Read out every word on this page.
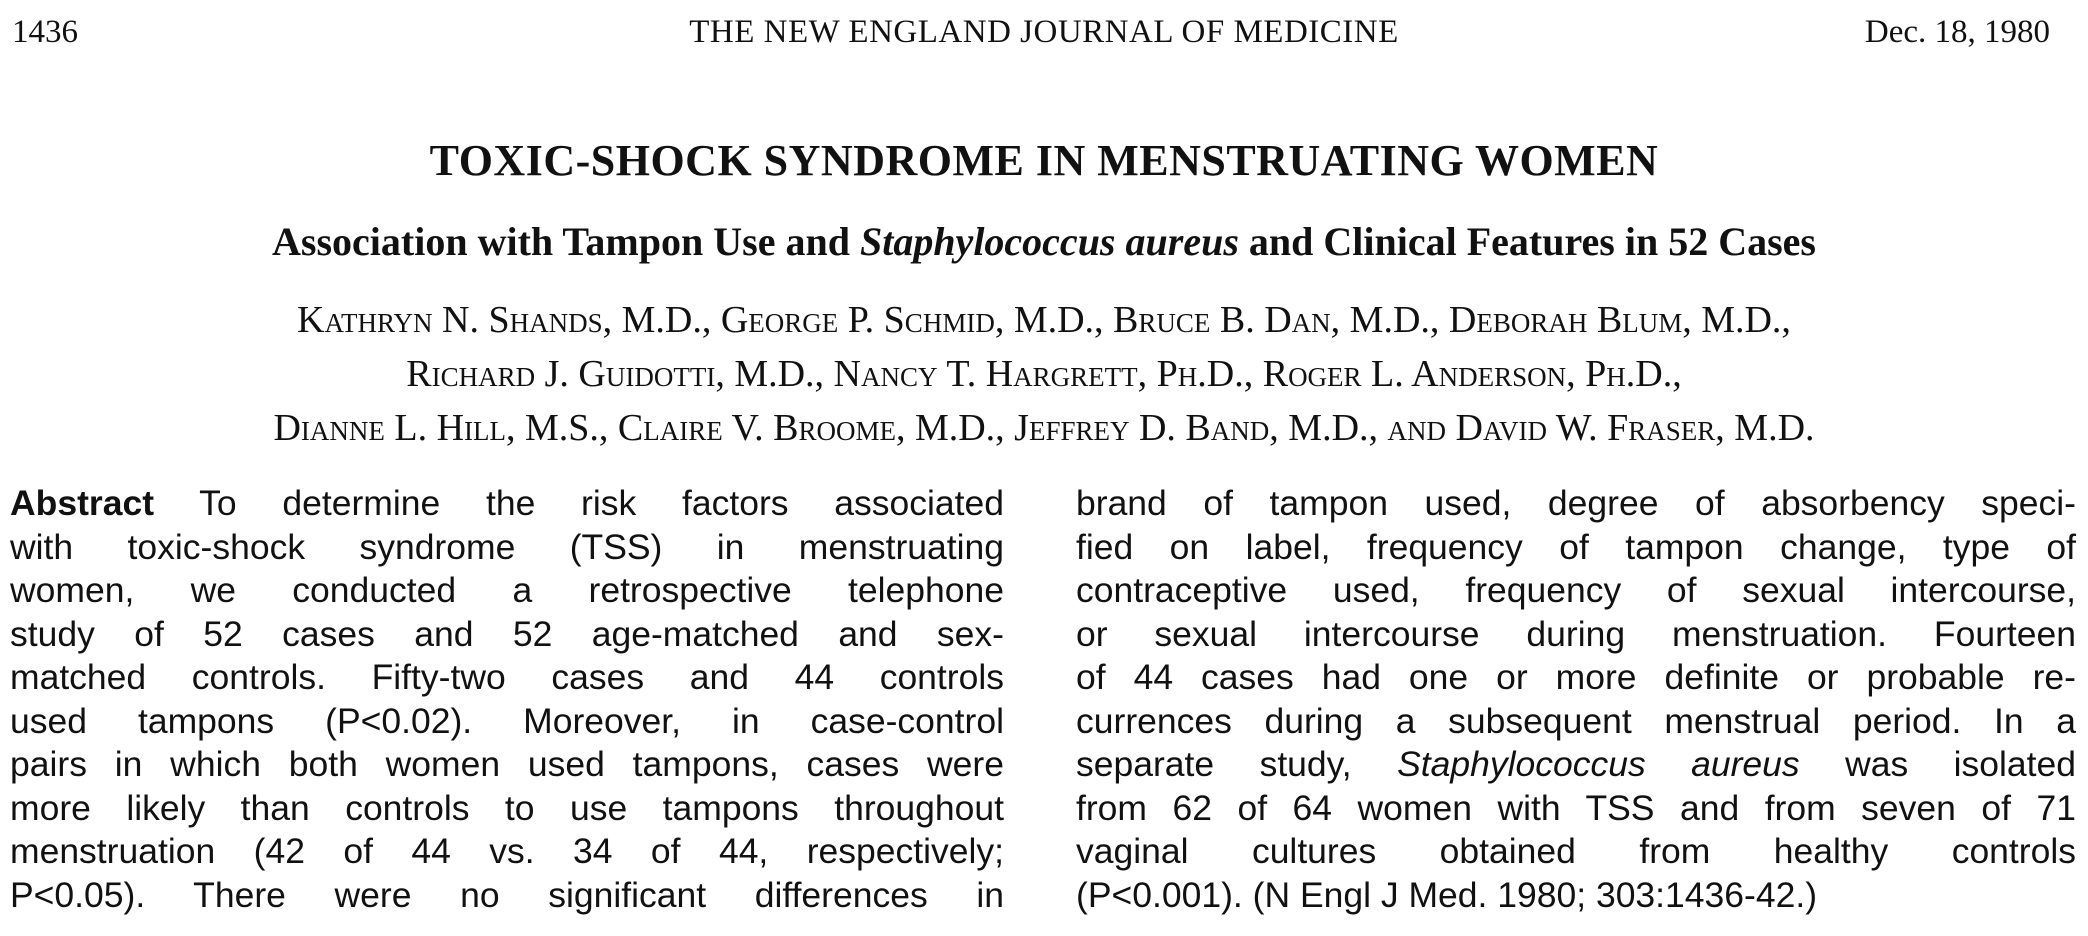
1436	THE NEW ENGLAND JOURNAL OF MEDICINE	Dec. 18, 1980
TOXIC-SHOCK SYNDROME IN MENSTRUATING WOMEN
Association with Tampon Use and Staphylococcus aureus and Clinical Features in 52 Cases
Kathryn N. Shands, M.D., George P. Schmid, M.D., Bruce B. Dan, M.D., Deborah Blum, M.D.,
Richard J. Guidotti, M.D., Nancy T. Hargrett, Ph.D., Roger L. Anderson, Ph.D.,
Dianne L. Hill, M.S., Claire V. Broome, M.D., Jeffrey D. Band, M.D., and David W. Fraser, M.D.
Abstract To determine the risk factors associated
with toxic-shock syndrome (TSS) in menstruating
women, we conducted a retrospective telephone
study of 52 cases and 52 age-matched and sex-
matched controls. Fifty-two cases and 44 controls
used tampons (P<0.02). Moreover, in case-control
pairs in which both women used tampons, cases were
more likely than controls to use tampons throughout
menstruation (42 of 44 vs. 34 of 44, respectively;
P<0.05). There were no significant differences in
brand of tampon used, degree of absorbency speci-
fied on label, frequency of tampon change, type of
contraceptive used, frequency of sexual intercourse,
or sexual intercourse during menstruation. Fourteen
of 44 cases had one or more definite or probable re-
currences during a subsequent menstrual period. In a
separate study, Staphylococcus aureus was isolated
from 62 of 64 women with TSS and from seven of 71
vaginal cultures obtained from healthy controls
(P<0.001). (N Engl J Med. 1980; 303:1436-42.)
